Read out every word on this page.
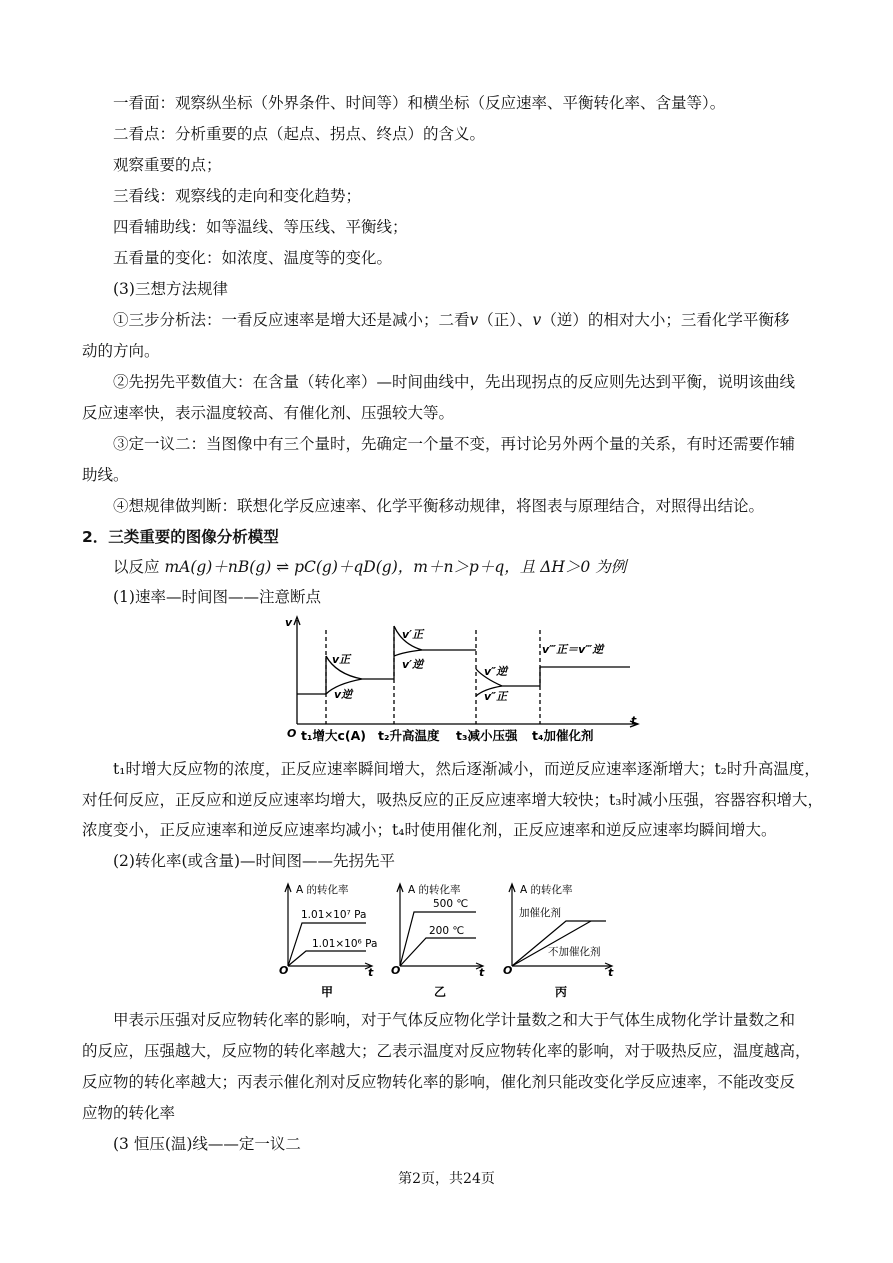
一看面：观察纵坐标（外界条件、时间等）和横坐标（反应速率、平衡转化率、含量等）。
二看点：分析重要的点（起点、拐点、终点）的含义。
观察重要的点；
三看线：观察线的走向和变化趋势；
四看辅助线：如等温线、等压线、平衡线；
五看量的变化：如浓度、温度等的变化。
(3)三想方法规律
①三步分析法：一看反应速率是增大还是减小；二看v（正）、v（逆）的相对大小；三看化学平衡移
动的方向。
②先拐先平数值大：在含量（转化率）—时间曲线中，先出现拐点的反应则先达到平衡，说明该曲线
反应速率快，表示温度较高、有催化剂、压强较大等。
③定一议二：当图像中有三个量时，先确定一个量不变，再讨论另外两个量的关系，有时还需要作辅
助线。
④想规律做判断：联想化学反应速率、化学平衡移动规律，将图表与原理结合，对照得出结论。
2．三类重要的图像分析模型
以反应 mA(g)＋nB(g) ⇌ pC(g)＋qD(g)，m＋n＞p＋q，且 ΔH＞0 为例
(1)速率—时间图——注意断点
v
t
O
v正
v逆
v′正
v′逆
v″逆
v″正
v‴正＝v‴逆
t₁增大c(A) t₂升高温度 t₃减小压强 t₄加催化剂
t₁时增大反应物的浓度，正反应速率瞬间增大，然后逐渐减小，而逆反应速率逐渐增大；t₂时升高温度，
对任何反应，正反应和逆反应速率均增大，吸热反应的正反应速率增大较快；t₃时减小压强，容器容积增大，
浓度变小，正反应速率和逆反应速率均减小；t₄时使用催化剂，正反应速率和逆反应速率均瞬间增大。
(2)转化率(或含量)—时间图——先拐先平
A 的转化率	A 的转化率	A 的转化率
1.01×10⁷ Pa
1.01×10⁶ Pa
500 ℃
200 ℃
加催化剂
不加催化剂
O	t O	t O	t
甲	乙	丙
甲表示压强对反应物转化率的影响，对于气体反应物化学计量数之和大于气体生成物化学计量数之和
的反应，压强越大，反应物的转化率越大；乙表示温度对反应物转化率的影响，对于吸热反应，温度越高，
反应物的转化率越大；丙表示催化剂对反应物转化率的影响，催化剂只能改变化学反应速率，不能改变反
应物的转化率
(3 恒压(温)线——定一议二
第2页，共24页
